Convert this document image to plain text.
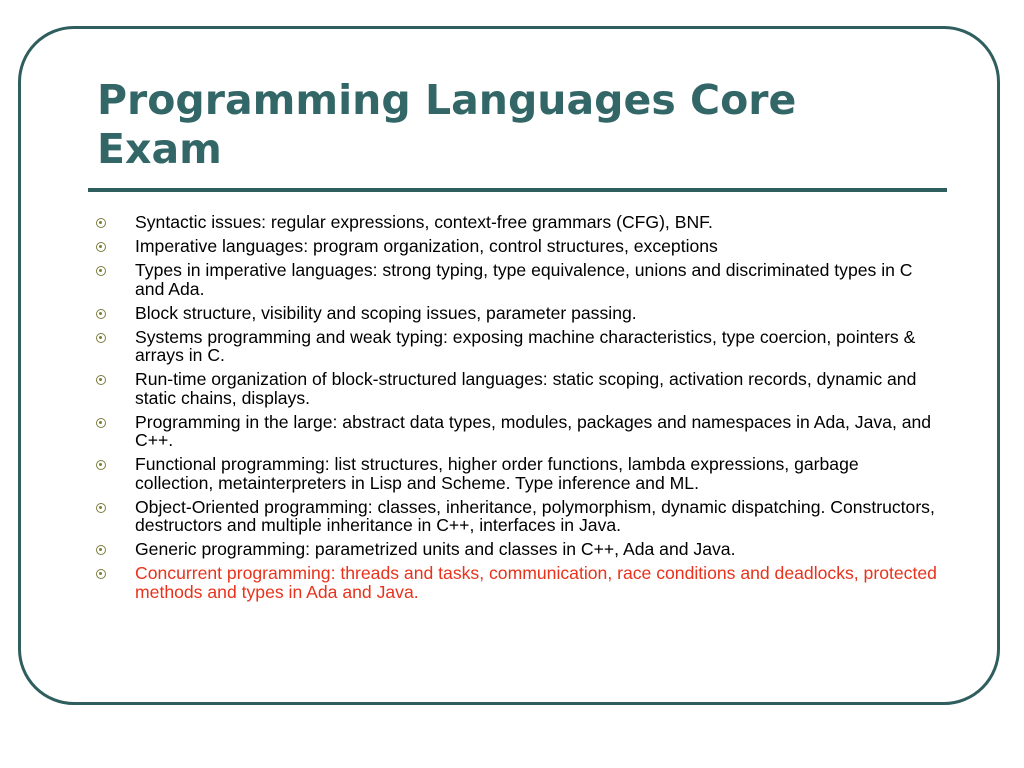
Programming Languages Core Exam
Syntactic issues: regular expressions, context-free grammars (CFG), BNF.
Imperative languages: program organization, control structures, exceptions
Types in imperative languages: strong typing, type equivalence, unions and discriminated types in C and Ada.
Block structure, visibility and scoping issues, parameter passing.
Systems programming and weak typing: exposing machine characteristics, type coercion, pointers & arrays in C.
Run-time organization of block-structured languages: static scoping, activation records, dynamic and static chains, displays.
Programming in the large: abstract data types, modules, packages and namespaces in Ada, Java, and C++.
Functional programming: list structures, higher order functions, lambda expressions, garbage collection, metainterpreters in Lisp and Scheme. Type inference and ML.
Object-Oriented programming: classes, inheritance, polymorphism, dynamic dispatching. Constructors, destructors and multiple inheritance in C++, interfaces in Java.
Generic programming: parametrized units and classes in C++, Ada and Java.
Concurrent programming: threads and tasks, communication, race conditions and deadlocks, protected methods and types in Ada and Java.
